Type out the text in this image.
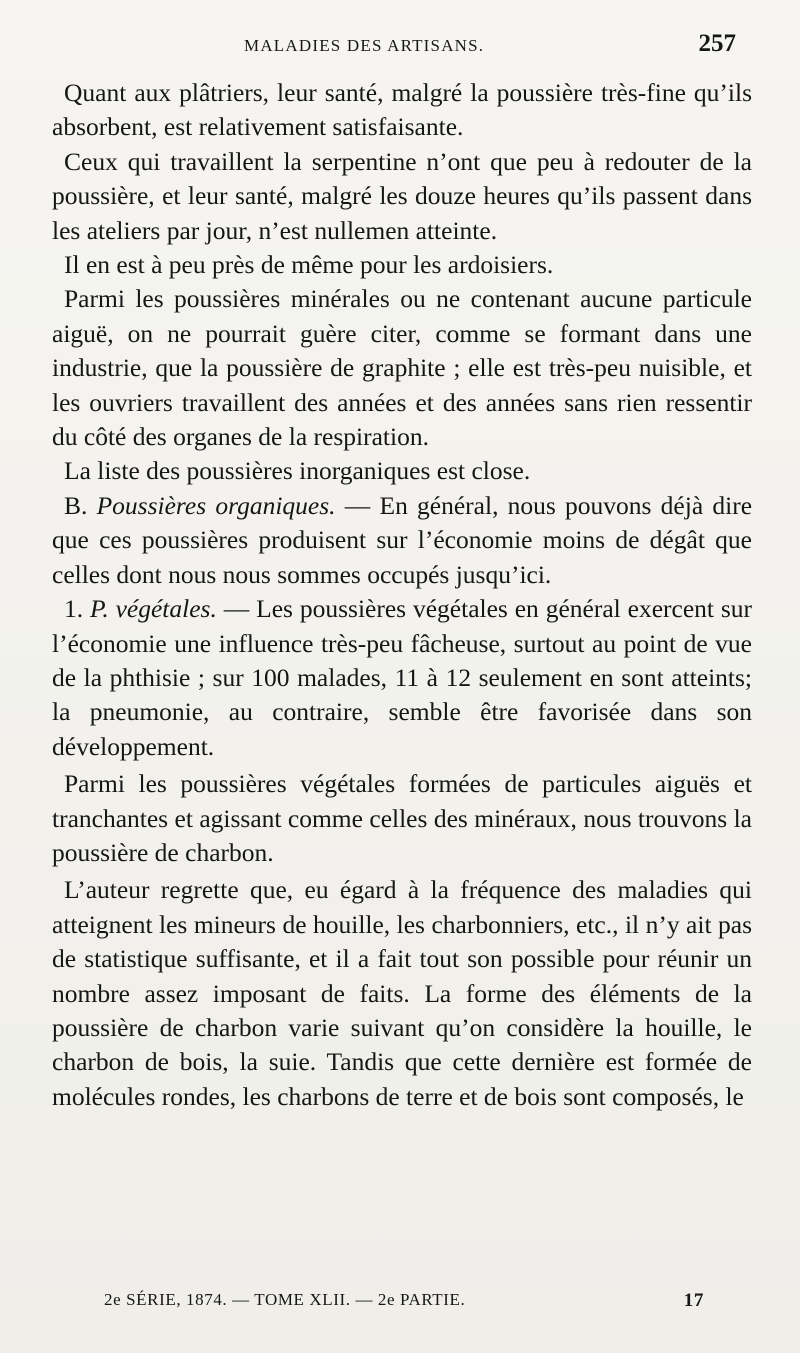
MALADIES DES ARTISANS.	257

Quant aux plâtriers, leur santé, malgré la poussière très-fine qu’ils absorbent, est relativement satisfaisante.

Ceux qui travaillent la serpentine n’ont que peu à redouter de la poussière, et leur santé, malgré les douze heures qu’ils passent dans les ateliers par jour, n’est nullemen atteinte.

Il en est à peu près de même pour les ardoisiers.

Parmi les poussières minérales ou ne contenant aucune particule aiguë, on ne pourrait guère citer, comme se formant dans une industrie, que la poussière de graphite ; elle est très-peu nuisible, et les ouvriers travaillent des années et des années sans rien ressentir du côté des organes de la respiration.

La liste des poussières inorganiques est close.

B. Poussières organiques. — En général, nous pouvons déjà dire que ces poussières produisent sur l’économie moins de dégât que celles dont nous nous sommes occupés jusqu’ici.

1. P. végétales. — Les poussières végétales en général exercent sur l’économie une influence très-peu fâcheuse, surtout au point de vue de la phthisie ; sur 100 malades, 11 à 12 seulement en sont atteints; la pneumonie, au contraire, semble être favorisée dans son développement.

Parmi les poussières végétales formées de particules aiguës et tranchantes et agissant comme celles des minéraux, nous trouvons la poussière de charbon.

L’auteur regrette que, eu égard à la fréquence des maladies qui atteignent les mineurs de houille, les charbonniers, etc., il n’y ait pas de statistique suffisante, et il a fait tout son possible pour réunir un nombre assez imposant de faits. La forme des éléments de la poussière de charbon varie suivant qu’on considère la houille, le charbon de bois, la suie. Tandis que cette dernière est formée de molécules rondes, les charbons de terre et de bois sont composés, le

2e SÉRIE, 1874. — TOME XLII. — 2e PARTIE.	17
